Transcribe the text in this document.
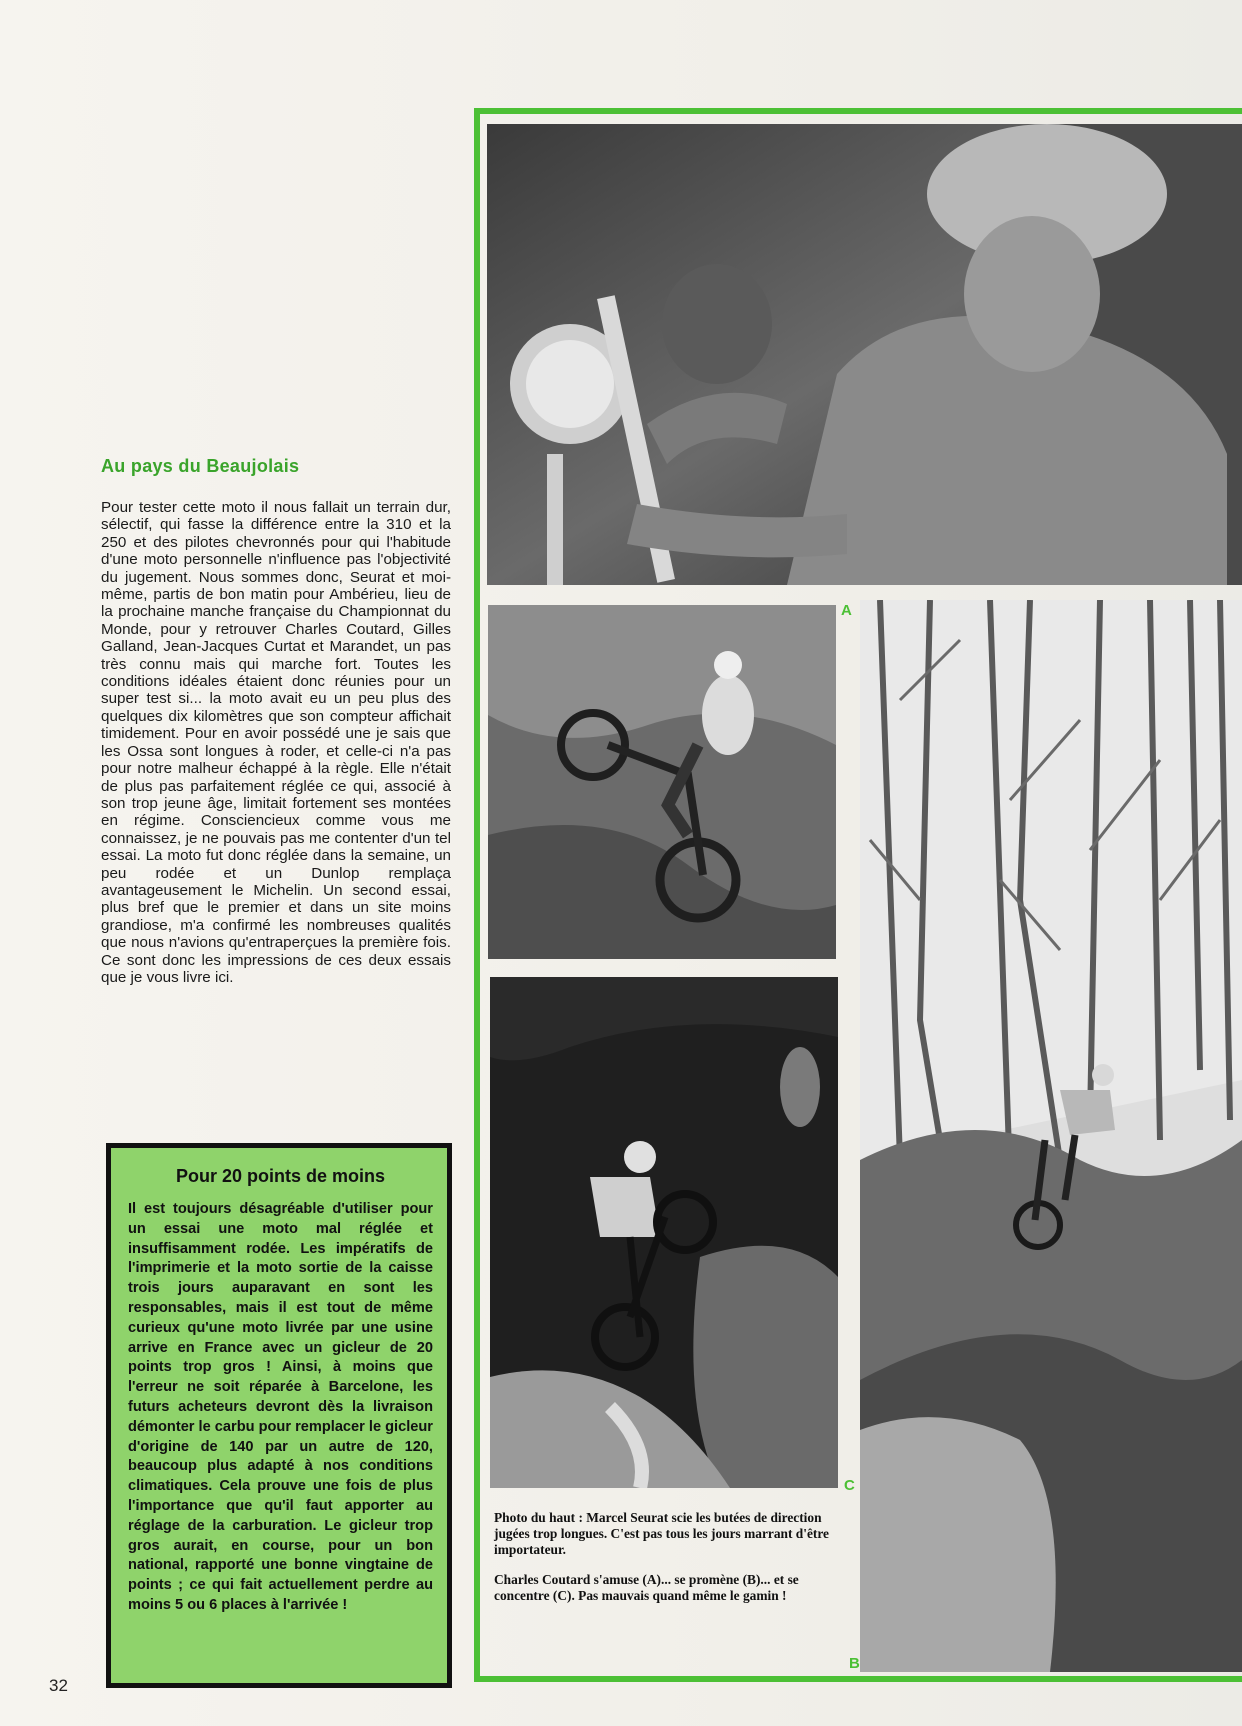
Au pays du Beaujolais
Pour tester cette moto il nous fallait un terrain dur, sélectif, qui fasse la différence entre la 310 et la 250 et des pilotes chevronnés pour qui l'habitude d'une moto personnelle n'influence pas l'objectivité du jugement. Nous sommes donc, Seurat et moi-même, partis de bon matin pour Ambérieu, lieu de la prochaine manche française du Championnat du Monde, pour y retrouver Charles Coutard, Gilles Galland, Jean-Jacques Curtat et Marandet, un pas très connu mais qui marche fort. Toutes les conditions idéales étaient donc réunies pour un super test si... la moto avait eu un peu plus des quelques dix kilomètres que son compteur affichait timidement. Pour en avoir possédé une je sais que les Ossa sont longues à roder, et celle-ci n'a pas pour notre malheur échappé à la règle. Elle n'était de plus pas parfaitement réglée ce qui, associé à son trop jeune âge, limitait fortement ses montées en régime. Consciencieux comme vous me connaissez, je ne pouvais pas me contenter d'un tel essai. La moto fut donc réglée dans la semaine, un peu rodée et un Dunlop remplaça avantageusement le Michelin. Un second essai, plus bref que le premier et dans un site moins grandiose, m'a confirmé les nombreuses qualités que nous n'avions qu'entraperçues la première fois. Ce sont donc les impressions de ces deux essais que je vous livre ici.
Pour 20 points de moins
Il est toujours désagréable d'utiliser pour un essai une moto mal réglée et insuffisamment rodée. Les impératifs de l'imprimerie et la moto sortie de la caisse trois jours auparavant en sont les responsables, mais il est tout de même curieux qu'une moto livrée par une usine arrive en France avec un gicleur de 20 points trop gros ! Ainsi, à moins que l'erreur ne soit réparée à Barcelone, les futurs acheteurs devront dès la livraison démonter le carbu pour remplacer le gicleur d'origine de 140 par un autre de 120, beaucoup plus adapté à nos conditions climatiques. Cela prouve une fois de plus l'importance que qu'il faut apporter au réglage de la carburation. Le gicleur trop gros aurait, en course, pour un bon national, rapporté une bonne vingtaine de points ; ce qui fait actuellement perdre au moins 5 ou 6 places à l'arrivée !
32
A
C
B

Photo du haut : Marcel Seurat scie les butées de direction jugées trop longues. C'est pas tous les jours marrant d'être importateur.

Charles Coutard s'amuse (A)... se promène (B)... et se concentre (C). Pas mauvais quand même le gamin !
